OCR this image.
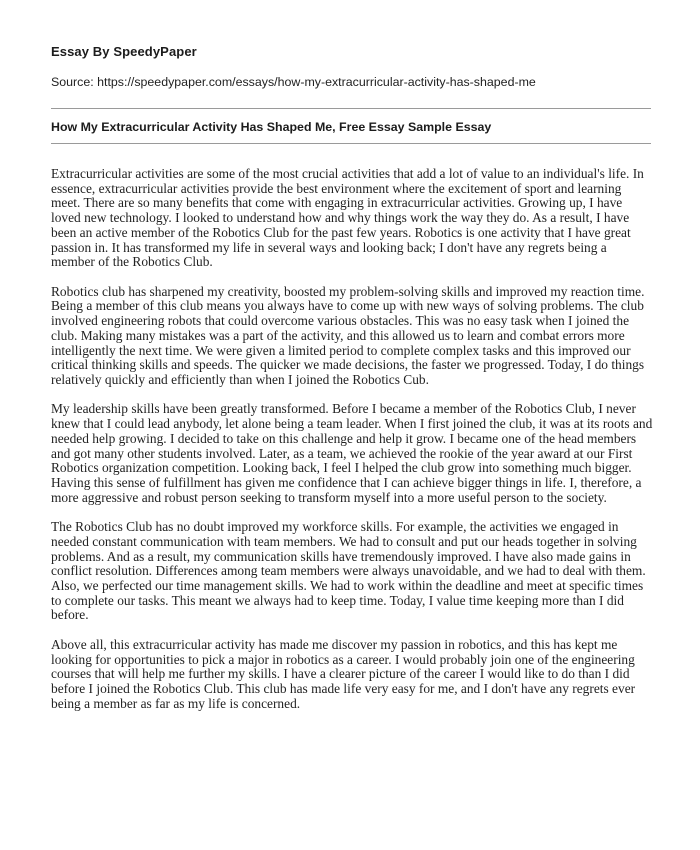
Essay By SpeedyPaper
Source: https://speedypaper.com/essays/how-my-extracurricular-activity-has-shaped-me
How My Extracurricular Activity Has Shaped Me, Free Essay Sample Essay

Extracurricular activities are some of the most crucial activities that add a lot of value to an individual's life. In essence, extracurricular activities provide the best environment where the excitement of sport and learning meet. There are so many benefits that come with engaging in extracurricular activities. Growing up, I have loved new technology. I looked to understand how and why things work the way they do. As a result, I have been an active member of the Robotics Club for the past few years. Robotics is one activity that I have great passion in. It has transformed my life in several ways and looking back; I don't have any regrets being a member of the Robotics Club.

Robotics club has sharpened my creativity, boosted my problem-solving skills and improved my reaction time. Being a member of this club means you always have to come up with new ways of solving problems. The club involved engineering robots that could overcome various obstacles. This was no easy task when I joined the club. Making many mistakes was a part of the activity, and this allowed us to learn and combat errors more intelligently the next time. We were given a limited period to complete complex tasks and this improved our critical thinking skills and speeds. The quicker we made decisions, the faster we progressed. Today, I do things relatively quickly and efficiently than when I joined the Robotics Cub.

My leadership skills have been greatly transformed. Before I became a member of the Robotics Club, I never knew that I could lead anybody, let alone being a team leader. When I first joined the club, it was at its roots and needed help growing. I decided to take on this challenge and help it grow. I became one of the head members and got many other students involved. Later, as a team, we achieved the rookie of the year award at our First Robotics organization competition. Looking back, I feel I helped the club grow into something much bigger. Having this sense of fulfillment has given me confidence that I can achieve bigger things in life. I, therefore, a more aggressive and robust person seeking to transform myself into a more useful person to the society.

The Robotics Club has no doubt improved my workforce skills. For example, the activities we engaged in needed constant communication with team members. We had to consult and put our heads together in solving problems. And as a result, my communication skills have tremendously improved. I have also made gains in conflict resolution. Differences among team members were always unavoidable, and we had to deal with them. Also, we perfected our time management skills. We had to work within the deadline and meet at specific times to complete our tasks. This meant we always had to keep time. Today, I value time keeping more than I did before.

Above all, this extracurricular activity has made me discover my passion in robotics, and this has kept me looking for opportunities to pick a major in robotics as a career. I would probably join one of the engineering courses that will help me further my skills. I have a clearer picture of the career I would like to do than I did before I joined the Robotics Club. This club has made life very easy for me, and I don't have any regrets ever being a member as far as my life is concerned.
